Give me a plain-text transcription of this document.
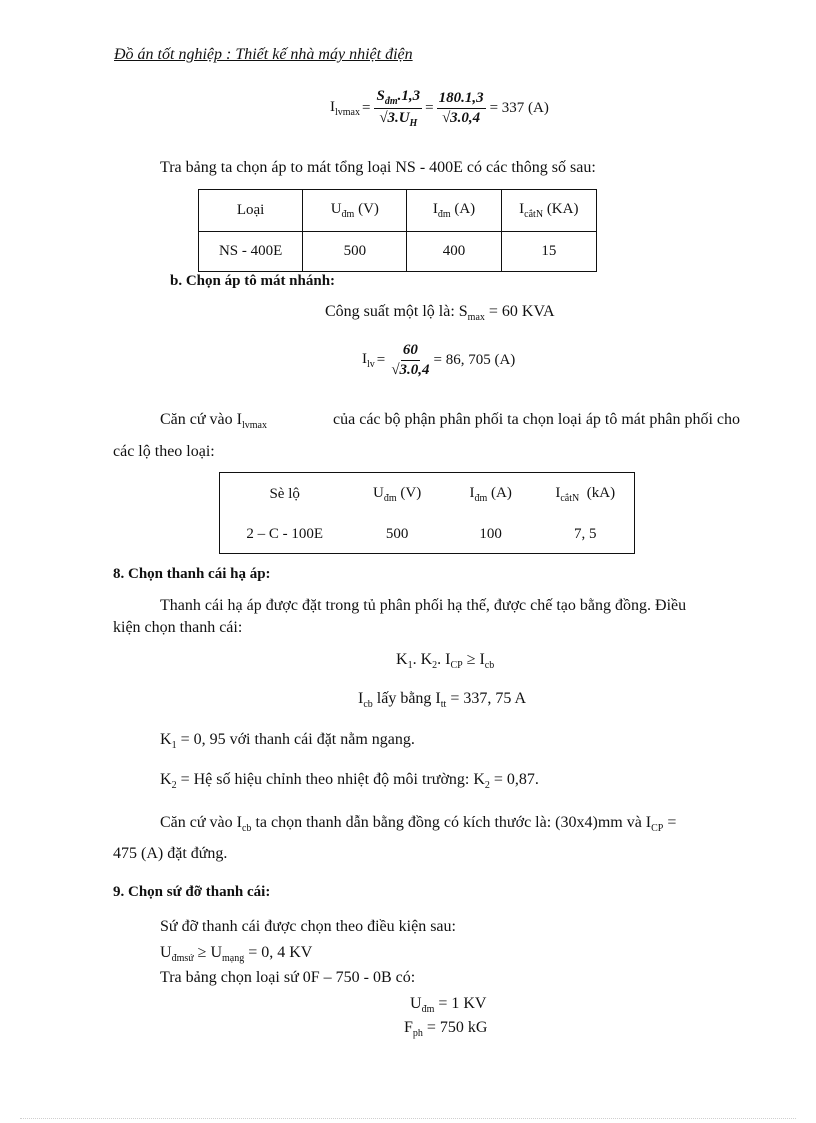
Đồ án tốt nghiệp : Thiết kế nhà máy nhiệt điện
$I_{lvmax} = \frac{S_{đm}.1,3}{√3.U_H} = \frac{180.1,3}{√3.0,4} = 337$ (A)
Tra bảng ta chọn áp to mát tổng loại NS - 400E có các thông số sau:
Loại	$U_{đm}$ (V)	$I_{đm}$ (A)	$I_{cắtN}$ (KA)
NS - 400E	500	400	15
b. Chọn áp tô mát nhánh:
Công suất một lộ là: $S_{max} = 60$ KVA
$I_{lv} = \frac{60}{√3.0,4} = 86$, 705 (A)
Căn cứ vào $I_{lvmax}$	của các bộ phận phân phối ta chọn loại áp tô mát phân phối cho
các lộ theo loại:
Sè lộ	$U_{đm}$ (V)	$I_{đm}$ (A)	$I_{cắtN}$ (kA)
2 – C - 100E	500	100	7, 5
8. Chọn thanh cái hạ áp:
Thanh cái hạ áp được đặt trong tủ phân phối hạ thế, được chế tạo bằng đồng. Điều
kiện chọn thanh cái:
$K_1$. $K_2$. $I_{CP} \ge I_{cb}$
$I_{cb}$ lấy bằng $I_{tt} = 337$, 75 A
$K_1 = 0$, 95 với thanh cái đặt nằm ngang.
$K_2$ = Hệ số hiệu chỉnh theo nhiệt độ môi trường: $K_2 = 0,87$.
Căn cứ vào $I_{cb}$ ta chọn thanh dẫn bằng đồng có kích thước là: (30x4)mm và $I_{CP}$ =
475 (A) đặt đứng.
9. Chọn sứ đỡ thanh cái:
Sứ đỡ thanh cái được chọn theo điều kiện sau:
$U_{đmsứ} \ge U_{mạng} = 0$, 4 KV
Tra bảng chọn loại sứ 0F – 750 - 0B có:
$U_{đm} = 1$ KV
$F_{ph} = 750$ kG
